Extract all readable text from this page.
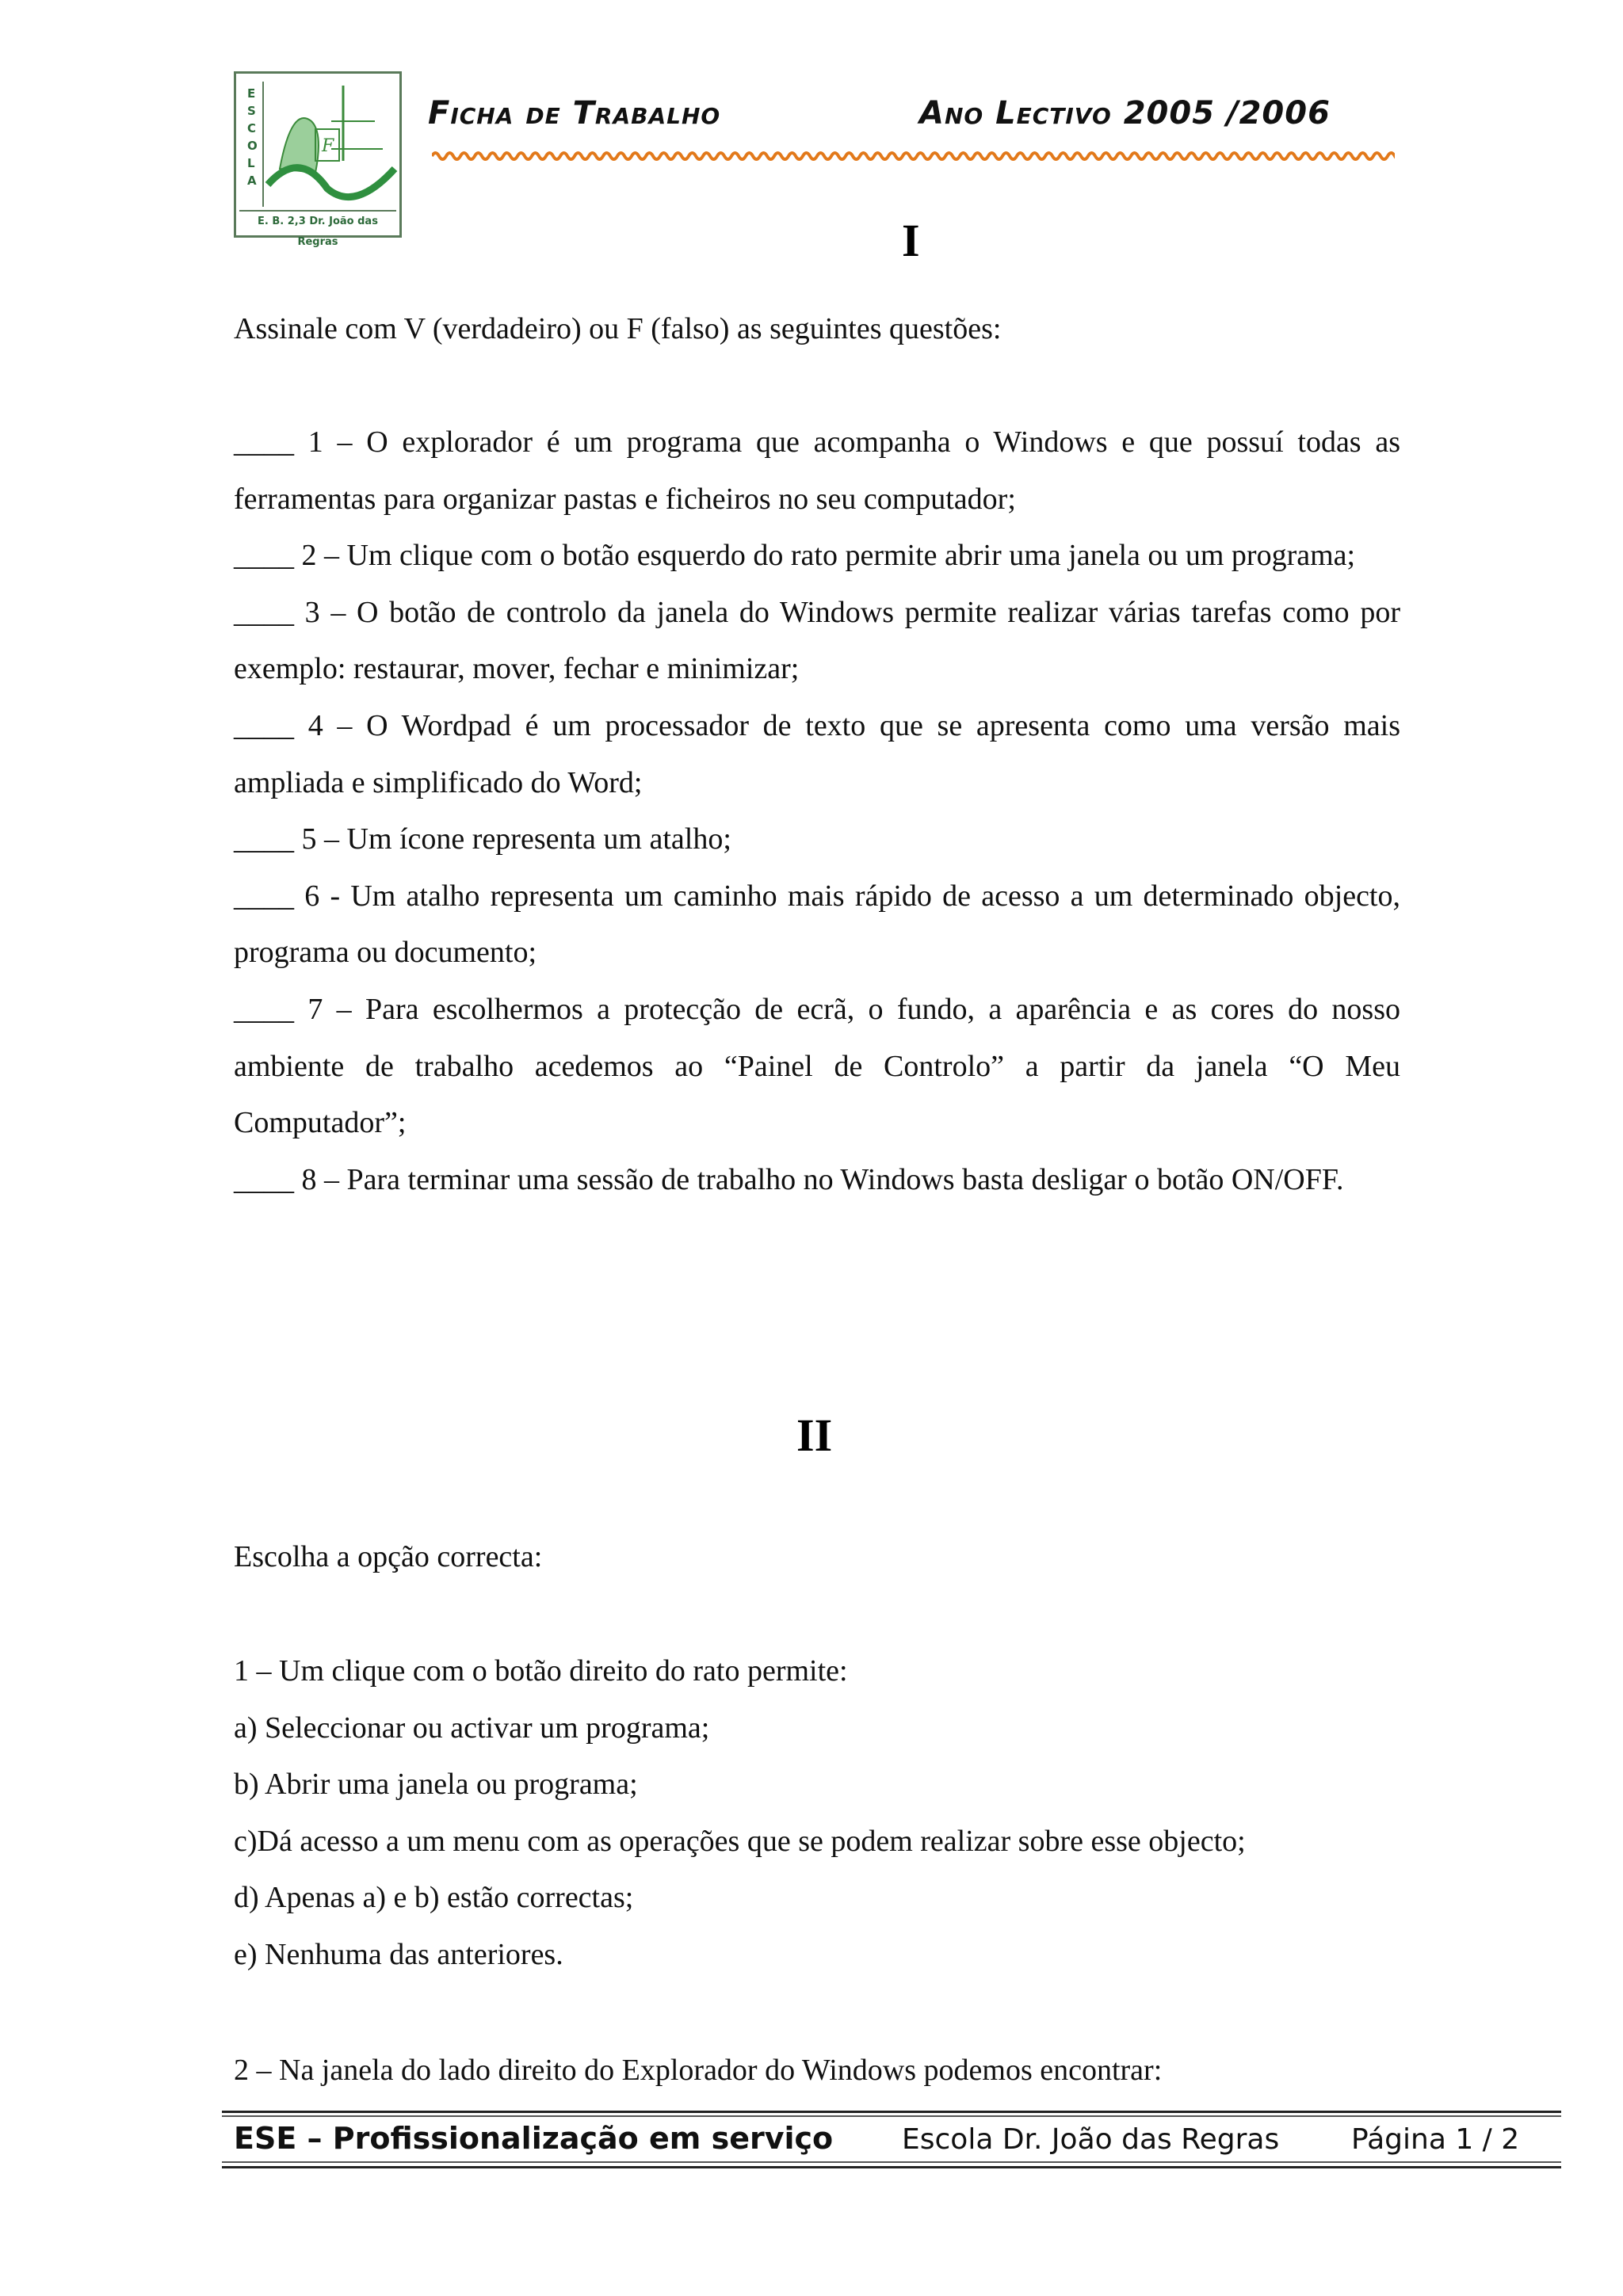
E S C O L A
F
E. B. 2,3 Dr. João das Regras
Ficha de Trabalho	Ano Lectivo 2005 /2006
I
Assinale com V (verdadeiro) ou F (falso) as seguintes questões:

____ 1 – O explorador é um programa que acompanha o Windows e que possuí todas as ferramentas para organizar pastas e ficheiros no seu computador;

____ 2 – Um clique com o botão esquerdo do rato permite abrir uma janela ou um programa;

____ 3 – O botão de controlo da janela do Windows permite realizar várias tarefas como por exemplo: restaurar, mover, fechar e minimizar;

____ 4 – O Wordpad é um processador de texto que se apresenta como uma versão mais ampliada e simplificado do Word;

____ 5 – Um ícone representa um atalho;

____ 6 - Um atalho representa um caminho mais rápido de acesso a um determinado objecto, programa ou documento;

____ 7 – Para escolhermos a protecção de ecrã, o fundo, a aparência e as cores do nosso ambiente de trabalho acedemos ao “Painel de Controlo” a partir da janela “O Meu Computador”;

____ 8 – Para terminar uma sessão de trabalho no Windows basta desligar o botão ON/OFF.

II
Escolha a opção correcta:

1 – Um clique com o botão direito do rato permite:

a) Seleccionar ou activar um programa;

b) Abrir uma janela ou programa;

c)Dá acesso a um menu com as operações que se podem realizar sobre esse objecto;

d) Apenas a) e b) estão correctas;

e) Nenhuma das anteriores.

2 – Na janela do lado direito do Explorador do Windows podemos encontrar:
ESE – Profissionalização em serviço Escola Dr. João das Regras	Página 1 / 2
